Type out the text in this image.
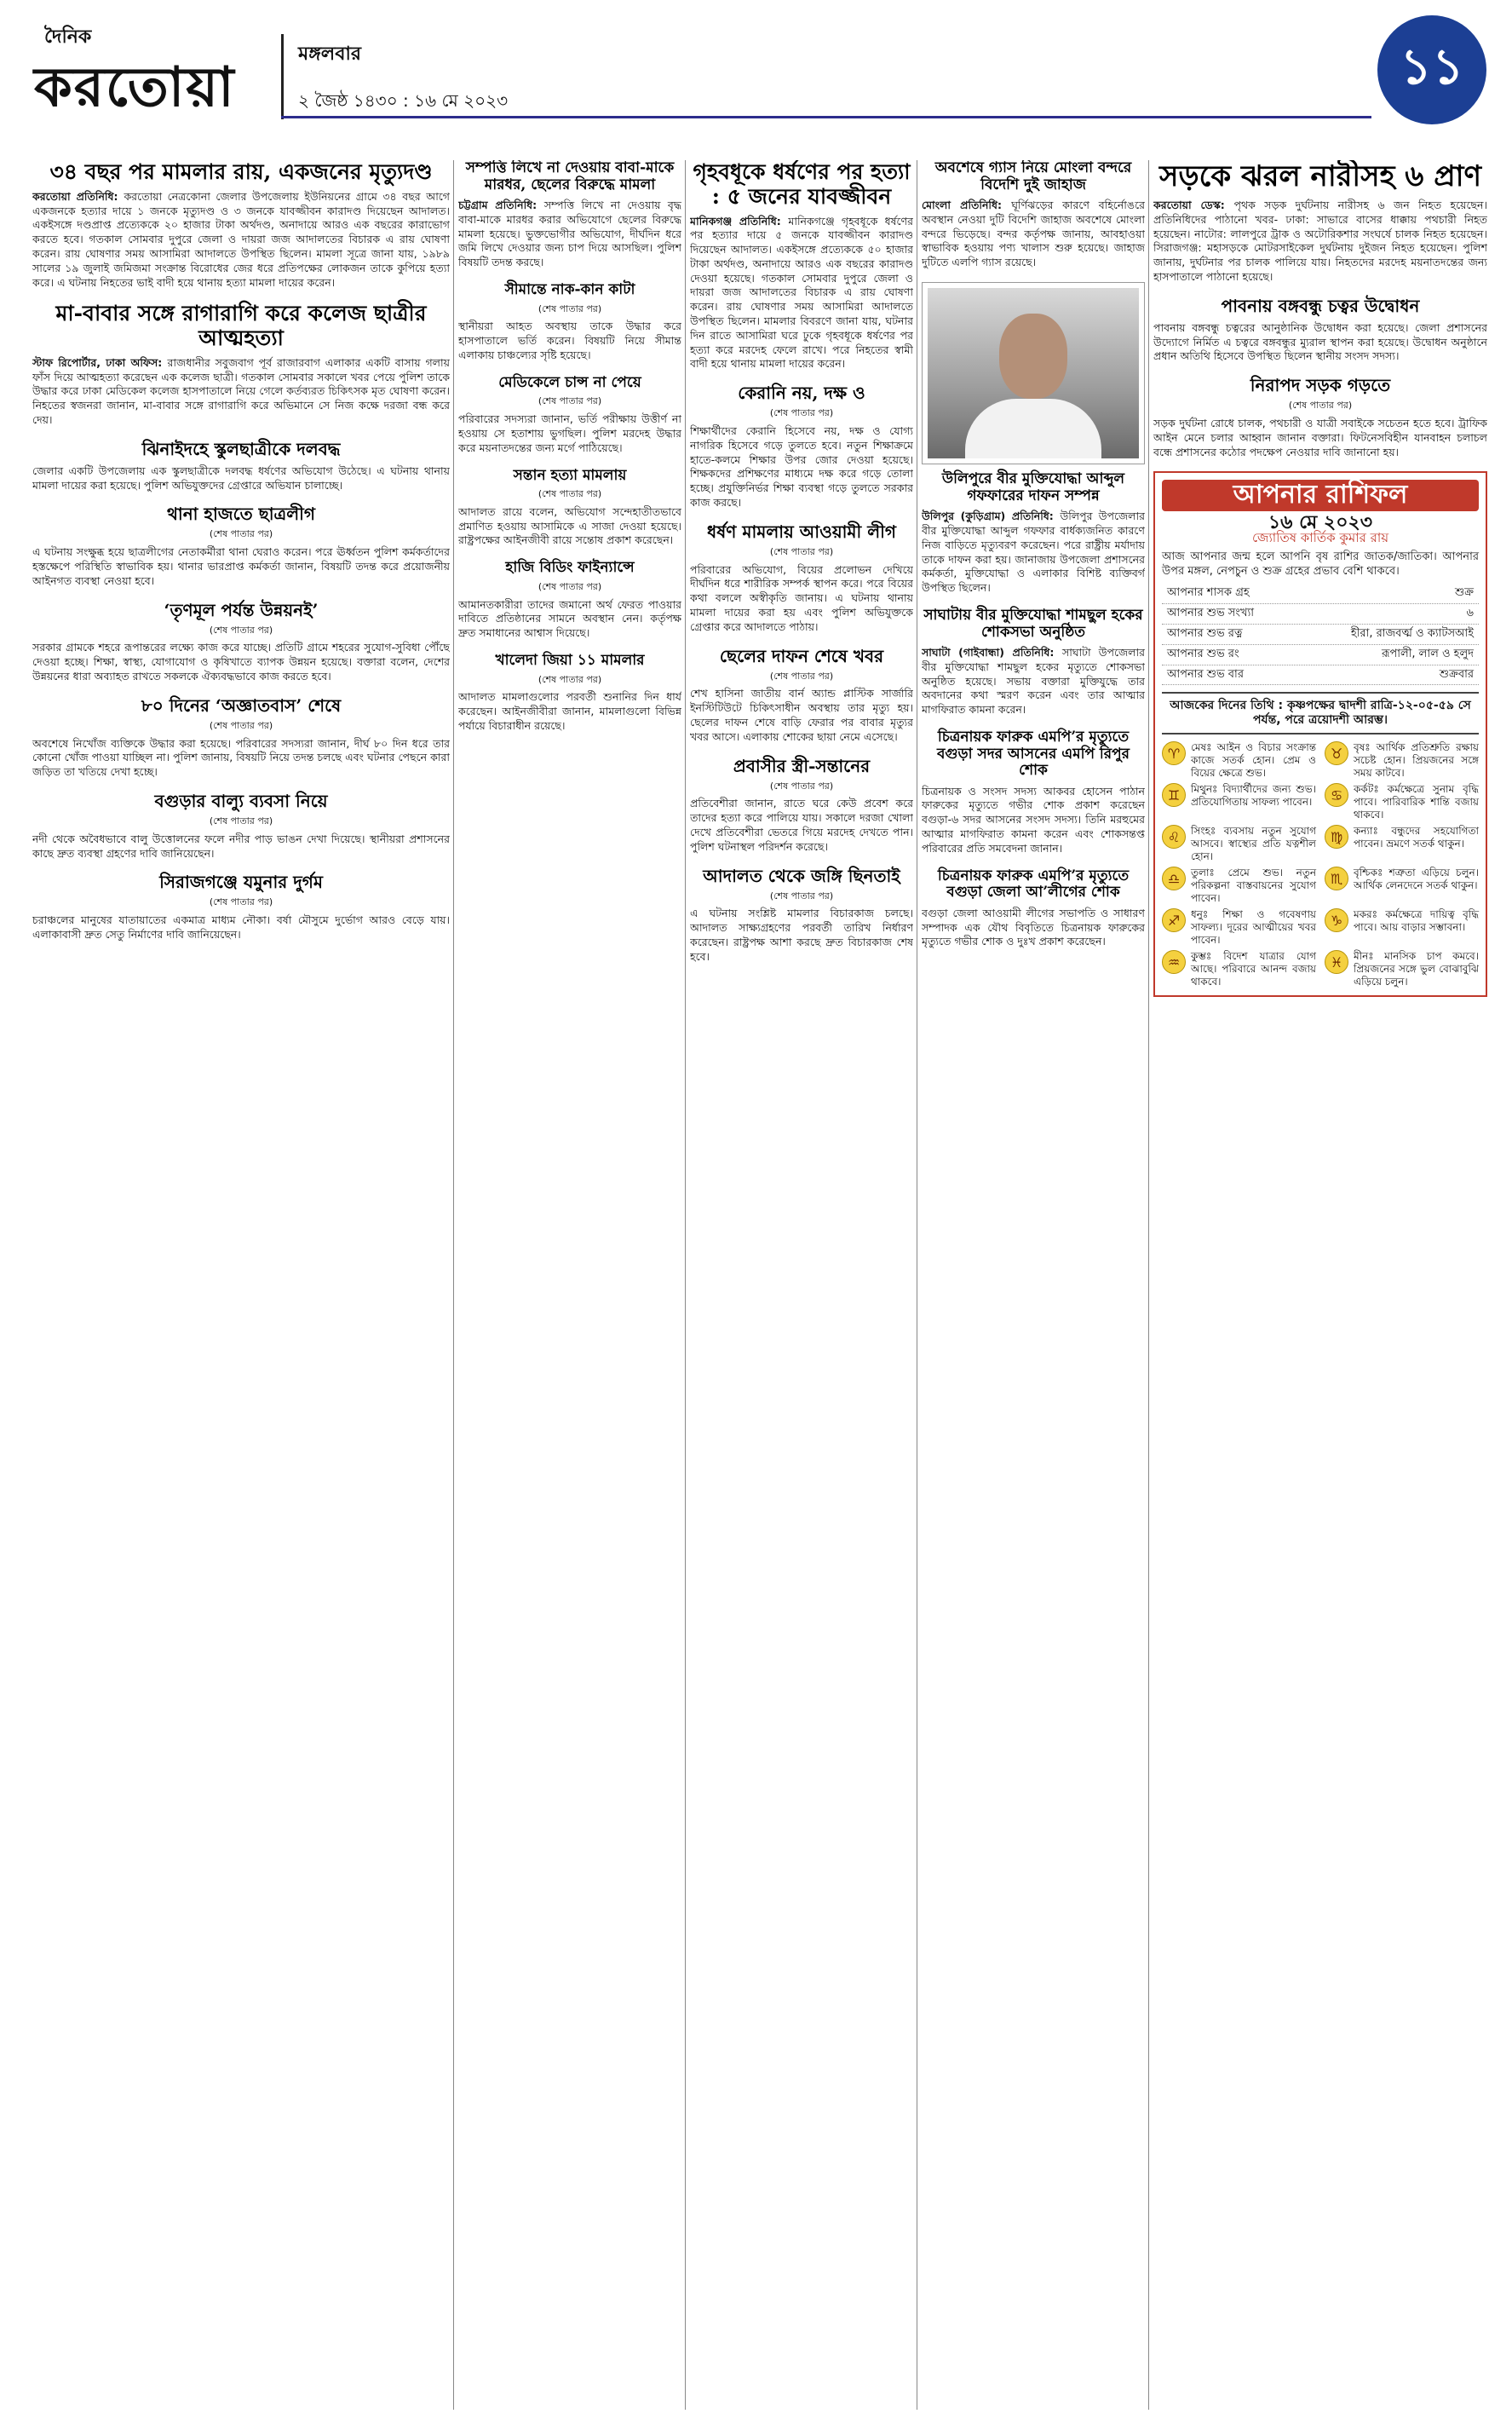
দৈনিক
করতোয়া
মঙ্গলবার
২ জৈষ্ঠ ১৪৩০ : ১৬ মে ২০২৩
১১
৩৪ বছর পর মামলার রায়, একজনের মৃত্যুদণ্ড

করতোয়া প্রতিনিধি: করতোয়া নেত্রকোনা জেলার উপজেলায় ইউনিয়নের গ্রামে ৩৪ বছর আগে একজনকে হত্যার দায়ে ১ জনকে মৃত্যুদণ্ড ও ৩ জনকে যাবজ্জীবন কারাদণ্ড দিয়েছেন আদালত। একইসঙ্গে দণ্ডপ্রাপ্ত প্রত্যেককে ২০ হাজার টাকা অর্থদণ্ড, অনাদায়ে আরও এক বছরের কারাভোগ করতে হবে। গতকাল সোমবার দুপুরে জেলা ও দায়রা জজ আদালতের বিচারক এ রায় ঘোষণা করেন। রায় ঘোষণার সময় আসামিরা আদালতে উপস্থিত ছিলেন। মামলা সূত্রে জানা যায়, ১৯৮৯ সালের ১৯ জুলাই জমিজমা সংক্রান্ত বিরোধের জের ধরে প্রতিপক্ষের লোকজন তাকে কুপিয়ে হত্যা করে। এ ঘটনায় নিহতের ভাই বাদী হয়ে থানায় হত্যা মামলা দায়ের করেন।

মা-বাবার সঙ্গে রাগারাগি করে কলেজ ছাত্রীর আত্মহত্যা

স্টাফ রিপোর্টার, ঢাকা অফিস: রাজধানীর সবুজবাগ পূর্ব রাজারবাগ এলাকার একটি বাসায় গলায় ফাঁস দিয়ে আত্মহত্যা করেছেন এক কলেজ ছাত্রী। গতকাল সোমবার সকালে খবর পেয়ে পুলিশ তাকে উদ্ধার করে ঢাকা মেডিকেল কলেজ হাসপাতালে নিয়ে গেলে কর্তব্যরত চিকিৎসক মৃত ঘোষণা করেন। নিহতের স্বজনরা জানান, মা-বাবার সঙ্গে রাগারাগি করে অভিমানে সে নিজ কক্ষে দরজা বন্ধ করে দেয়।

ঝিনাইদহে স্কুলছাত্রীকে দলবদ্ধ

জেলার একটি উপজেলায় এক স্কুলছাত্রীকে দলবদ্ধ ধর্ষণের অভিযোগ উঠেছে। এ ঘটনায় থানায় মামলা দায়ের করা হয়েছে। পুলিশ অভিযুক্তদের গ্রেপ্তারে অভিযান চালাচ্ছে।

থানা হাজতে ছাত্রলীগ
(শেষ পাতার পর)

এ ঘটনায় সংক্ষুব্ধ হয়ে ছাত্রলীগের নেতাকর্মীরা থানা ঘেরাও করেন। পরে ঊর্ধ্বতন পুলিশ কর্মকর্তাদের হস্তক্ষেপে পরিস্থিতি স্বাভাবিক হয়। থানার ভারপ্রাপ্ত কর্মকর্তা জানান, বিষয়টি তদন্ত করে প্রয়োজনীয় আইনগত ব্যবস্থা নেওয়া হবে।

‘তৃণমূল পর্যন্ত উন্নয়নই’
(শেষ পাতার পর)

সরকার গ্রামকে শহরে রূপান্তরের লক্ষ্যে কাজ করে যাচ্ছে। প্রতিটি গ্রামে শহরের সুযোগ-সুবিধা পৌঁছে দেওয়া হচ্ছে। শিক্ষা, স্বাস্থ্য, যোগাযোগ ও কৃষিখাতে ব্যাপক উন্নয়ন হয়েছে। বক্তারা বলেন, দেশের উন্নয়নের ধারা অব্যাহত রাখতে সকলকে ঐক্যবদ্ধভাবে কাজ করতে হবে।

৮০ দিনের ‘অজ্ঞাতবাস’ শেষে
(শেষ পাতার পর)

অবশেষে নিখোঁজ ব্যক্তিকে উদ্ধার করা হয়েছে। পরিবারের সদস্যরা জানান, দীর্ঘ ৮০ দিন ধরে তার কোনো খোঁজ পাওয়া যাচ্ছিল না। পুলিশ জানায়, বিষয়টি নিয়ে তদন্ত চলছে এবং ঘটনার পেছনে কারা জড়িত তা খতিয়ে দেখা হচ্ছে।

বগুড়ার বাল্যু ব্যবসা নিয়ে
(শেষ পাতার পর)

নদী থেকে অবৈধভাবে বালু উত্তোলনের ফলে নদীর পাড় ভাঙন দেখা দিয়েছে। স্থানীয়রা প্রশাসনের কাছে দ্রুত ব্যবস্থা গ্রহণের দাবি জানিয়েছেন।

সিরাজগঞ্জে যমুনার দুর্গম
(শেষ পাতার পর)

চরাঞ্চলের মানুষের যাতায়াতের একমাত্র মাধ্যম নৌকা। বর্ষা মৌসুমে দুর্ভোগ আরও বেড়ে যায়। এলাকাবাসী দ্রুত সেতু নির্মাণের দাবি জানিয়েছেন।

সম্পত্তি লিখে না দেওয়ায় বাবা-মাকে মারধর, ছেলের বিরুদ্ধে মামলা

চট্টগ্রাম প্রতিনিধি: সম্পত্তি লিখে না দেওয়ায় বৃদ্ধ বাবা-মাকে মারধর করার অভিযোগে ছেলের বিরুদ্ধে মামলা হয়েছে। ভুক্তভোগীর অভিযোগ, দীর্ঘদিন ধরে জমি লিখে দেওয়ার জন্য চাপ দিয়ে আসছিল। পুলিশ বিষয়টি তদন্ত করছে।

সীমান্তে নাক-কান কাটা
(শেষ পাতার পর)

স্থানীয়রা আহত অবস্থায় তাকে উদ্ধার করে হাসপাতালে ভর্তি করেন। বিষয়টি নিয়ে সীমান্ত এলাকায় চাঞ্চল্যের সৃষ্টি হয়েছে।

মেডিকেলে চান্স না পেয়ে
(শেষ পাতার পর)

পরিবারের সদস্যরা জানান, ভর্তি পরীক্ষায় উত্তীর্ণ না হওয়ায় সে হতাশায় ভুগছিল। পুলিশ মরদেহ উদ্ধার করে ময়নাতদন্তের জন্য মর্গে পাঠিয়েছে।

সন্তান হত্যা মামলায়
(শেষ পাতার পর)

আদালত রায়ে বলেন, অভিযোগ সন্দেহাতীতভাবে প্রমাণিত হওয়ায় আসামিকে এ সাজা দেওয়া হয়েছে। রাষ্ট্রপক্ষের আইনজীবী রায়ে সন্তোষ প্রকাশ করেছেন।

হাজি বিডিং ফাইন্যান্সে
(শেষ পাতার পর)

আমানতকারীরা তাদের জমানো অর্থ ফেরত পাওয়ার দাবিতে প্রতিষ্ঠানের সামনে অবস্থান নেন। কর্তৃপক্ষ দ্রুত সমাধানের আশ্বাস দিয়েছে।

খালেদা জিয়া ১১ মামলার
(শেষ পাতার পর)

আদালত মামলাগুলোর পরবর্তী শুনানির দিন ধার্য করেছেন। আইনজীবীরা জানান, মামলাগুলো বিভিন্ন পর্যায়ে বিচারাধীন রয়েছে।

গৃহবধূকে ধর্ষণের পর হত্যা : ৫ জনের যাবজ্জীবন

মানিকগঞ্জ প্রতিনিধি: মানিকগঞ্জে গৃহবধূকে ধর্ষণের পর হত্যার দায়ে ৫ জনকে যাবজ্জীবন কারাদণ্ড দিয়েছেন আদালত। একইসঙ্গে প্রত্যেককে ৫০ হাজার টাকা অর্থদণ্ড, অনাদায়ে আরও এক বছরের কারাদণ্ড দেওয়া হয়েছে। গতকাল সোমবার দুপুরে জেলা ও দায়রা জজ আদালতের বিচারক এ রায় ঘোষণা করেন। রায় ঘোষণার সময় আসামিরা আদালতে উপস্থিত ছিলেন। মামলার বিবরণে জানা যায়, ঘটনার দিন রাতে আসামিরা ঘরে ঢুকে গৃহবধূকে ধর্ষণের পর হত্যা করে মরদেহ ফেলে রাখে। পরে নিহতের স্বামী বাদী হয়ে থানায় মামলা দায়ের করেন।

কেরানি নয়, দক্ষ ও
(শেষ পাতার পর)

শিক্ষার্থীদের কেরানি হিসেবে নয়, দক্ষ ও যোগ্য নাগরিক হিসেবে গড়ে তুলতে হবে। নতুন শিক্ষাক্রমে হাতে-কলমে শিক্ষার উপর জোর দেওয়া হয়েছে। শিক্ষকদের প্রশিক্ষণের মাধ্যমে দক্ষ করে গড়ে তোলা হচ্ছে। প্রযুক্তিনির্ভর শিক্ষা ব্যবস্থা গড়ে তুলতে সরকার কাজ করছে।

ধর্ষণ মামলায় আওয়ামী লীগ
(শেষ পাতার পর)

পরিবারের অভিযোগ, বিয়ের প্রলোভন দেখিয়ে দীর্ঘদিন ধরে শারীরিক সম্পর্ক স্থাপন করে। পরে বিয়ের কথা বললে অস্বীকৃতি জানায়। এ ঘটনায় থানায় মামলা দায়ের করা হয় এবং পুলিশ অভিযুক্তকে গ্রেপ্তার করে আদালতে পাঠায়।

ছেলের দাফন শেষে খবর
(শেষ পাতার পর)

শেখ হাসিনা জাতীয় বার্ন অ্যান্ড প্লাস্টিক সার্জারি ইনস্টিটিউটে চিকিৎসাধীন অবস্থায় তার মৃত্যু হয়। ছেলের দাফন শেষে বাড়ি ফেরার পর বাবার মৃত্যুর খবর আসে। এলাকায় শোকের ছায়া নেমে এসেছে।

প্রবাসীর স্ত্রী-সন্তানের
(শেষ পাতার পর)

প্রতিবেশীরা জানান, রাতে ঘরে কেউ প্রবেশ করে তাদের হত্যা করে পালিয়ে যায়। সকালে দরজা খোলা দেখে প্রতিবেশীরা ভেতরে গিয়ে মরদেহ দেখতে পান। পুলিশ ঘটনাস্থল পরিদর্শন করেছে।

আদালত থেকে জঙ্গি ছিনতাই
(শেষ পাতার পর)

এ ঘটনায় সংশ্লিষ্ট মামলার বিচারকাজ চলছে। আদালত সাক্ষ্যগ্রহণের পরবর্তী তারিখ নির্ধারণ করেছেন। রাষ্ট্রপক্ষ আশা করছে দ্রুত বিচারকাজ শেষ হবে।

অবশেষে গ্যাস নিয়ে মোংলা বন্দরে বিদেশি দুই জাহাজ

মোংলা প্রতিনিধি: ঘূর্ণিঝড়ের কারণে বহির্নোঙরে অবস্থান নেওয়া দুটি বিদেশি জাহাজ অবশেষে মোংলা বন্দরে ভিড়েছে। বন্দর কর্তৃপক্ষ জানায়, আবহাওয়া স্বাভাবিক হওয়ায় পণ্য খালাস শুরু হয়েছে। জাহাজ দুটিতে এলপি গ্যাস রয়েছে।

উলিপুরে বীর মুক্তিযোদ্ধা আব্দুল গফফারের দাফন সম্পন্ন

উলিপুর (কুড়িগ্রাম) প্রতিনিধি: উলিপুর উপজেলার বীর মুক্তিযোদ্ধা আব্দুল গফফার বার্ধক্যজনিত কারণে নিজ বাড়িতে মৃত্যুবরণ করেছেন। পরে রাষ্ট্রীয় মর্যাদায় তাকে দাফন করা হয়। জানাজায় উপজেলা প্রশাসনের কর্মকর্তা, মুক্তিযোদ্ধা ও এলাকার বিশিষ্ট ব্যক্তিবর্গ উপস্থিত ছিলেন।

সাঘাটায় বীর মুক্তিযোদ্ধা শামছুল হকের শোকসভা অনুষ্ঠিত

সাঘাটা (গাইবান্ধা) প্রতিনিধি: সাঘাটা উপজেলার বীর মুক্তিযোদ্ধা শামছুল হকের মৃত্যুতে শোকসভা অনুষ্ঠিত হয়েছে। সভায় বক্তারা মুক্তিযুদ্ধে তার অবদানের কথা স্মরণ করেন এবং তার আত্মার মাগফিরাত কামনা করেন।

চিত্রনায়ক ফারুক এমপি’র মৃত্যুতে বগুড়া সদর আসনের এমপি রিপুর শোক

চিত্রনায়ক ও সংসদ সদস্য আকবর হোসেন পাঠান ফারুকের মৃত্যুতে গভীর শোক প্রকাশ করেছেন বগুড়া-৬ সদর আসনের সংসদ সদস্য। তিনি মরহুমের আত্মার মাগফিরাত কামনা করেন এবং শোকসন্তপ্ত পরিবারের প্রতি সমবেদনা জানান।

চিত্রনায়ক ফারুক এমপি’র মৃত্যুতে বগুড়া জেলা আ’লীগের শোক

বগুড়া জেলা আওয়ামী লীগের সভাপতি ও সাধারণ সম্পাদক এক যৌথ বিবৃতিতে চিত্রনায়ক ফারুকের মৃত্যুতে গভীর শোক ও দুঃখ প্রকাশ করেছেন।

সড়কে ঝরল নারীসহ ৬ প্রাণ

করতোয়া ডেস্ক: পৃথক সড়ক দুর্ঘটনায় নারীসহ ৬ জন নিহত হয়েছেন। প্রতিনিধিদের পাঠানো খবর- ঢাকা: সাভারে বাসের ধাক্কায় পথচারী নিহত হয়েছেন। নাটোর: লালপুরে ট্রাক ও অটোরিকশার সংঘর্ষে চালক নিহত হয়েছেন। সিরাজগঞ্জ: মহাসড়কে মোটরসাইকেল দুর্ঘটনায় দুইজন নিহত হয়েছেন। পুলিশ জানায়, দুর্ঘটনার পর চালক পালিয়ে যায়। নিহতদের মরদেহ ময়নাতদন্তের জন্য হাসপাতালে পাঠানো হয়েছে।

পাবনায় বঙ্গবন্ধু চত্বর উদ্বোধন

পাবনায় বঙ্গবন্ধু চত্বরের আনুষ্ঠানিক উদ্বোধন করা হয়েছে। জেলা প্রশাসনের উদ্যোগে নির্মিত এ চত্বরে বঙ্গবন্ধুর ম্যুরাল স্থাপন করা হয়েছে। উদ্বোধন অনুষ্ঠানে প্রধান অতিথি হিসেবে উপস্থিত ছিলেন স্থানীয় সংসদ সদস্য।

নিরাপদ সড়ক গড়তে
(শেষ পাতার পর)

সড়ক দুর্ঘটনা রোধে চালক, পথচারী ও যাত্রী সবাইকে সচেতন হতে হবে। ট্রাফিক আইন মেনে চলার আহ্বান জানান বক্তারা। ফিটনেসবিহীন যানবাহন চলাচল বন্ধে প্রশাসনের কঠোর পদক্ষেপ নেওয়ার দাবি জানানো হয়।

আপনার রাশিফল
১৬ মে ২০২৩
জ্যোতিষ কার্তিক কুমার রায়

আজ আপনার জন্ম হলে আপনি বৃষ রাশির জাতক/জাতিকা। আপনার উপর মঙ্গল, নেপচুন ও শুক্র গ্রহের প্রভাব বেশি থাকবে।

আপনার শাসক গ্রহ	শুক্র
আপনার শুভ সংখ্যা	৬
আপনার শুভ রত্ন	হীরা, রাজবর্ত্ম ও ক্যাটসআই
আপনার শুভ রং	রূপালী, লাল ও হলুদ
আপনার শুভ বার	শুক্রবার
আজকের দিনের তিথি : কৃষ্ণপক্ষের দ্বাদশী রাত্রি-১২-০৫-৫৯ সে পর্যন্ত, পরে ত্রয়োদশী আরম্ভ।
♈	মেষঃ আইন ও বিচার সংক্রান্ত কাজে সতর্ক হোন। প্রেম ও বিয়ের ক্ষেত্রে শুভ।
♉	বৃষঃ আর্থিক প্রতিশ্রুতি রক্ষায় সচেষ্ট হোন। প্রিয়জনের সঙ্গে সময় কাটবে।
♊	মিথুনঃ বিদ্যার্থীদের জন্য শুভ। প্রতিযোগিতায় সাফল্য পাবেন।	♋	কর্কটঃ কর্মক্ষেত্রে সুনাম বৃদ্ধি পাবে। পারিবারিক শান্তি বজায় থাকবে।
♌	সিংহঃ ব্যবসায় নতুন সুযোগ আসবে। স্বাস্থ্যের প্রতি যত্নশীল হোন।
♍	কন্যাঃ বন্ধুদের সহযোগিতা পাবেন। ভ্রমণে সতর্ক থাকুন।
♎	তুলাঃ প্রেমে শুভ। নতুন পরিকল্পনা বাস্তবায়নের সুযোগ পাবেন।
♏	বৃশ্চিকঃ শত্রুতা এড়িয়ে চলুন। আর্থিক লেনদেনে সতর্ক থাকুন।
♐	ধনুঃ শিক্ষা ও গবেষণায় সাফল্য। দূরের আত্মীয়ের খবর পাবেন।
♑	মকরঃ কর্মক্ষেত্রে দায়িত্ব বৃদ্ধি পাবে। আয় বাড়ার সম্ভাবনা।
♒	কুম্ভঃ বিদেশ যাত্রার যোগ আছে। পরিবারে আনন্দ বজায় থাকবে।
♓	মীনঃ মানসিক চাপ কমবে। প্রিয়জনের সঙ্গে ভুল বোঝাবুঝি এড়িয়ে চলুন।
